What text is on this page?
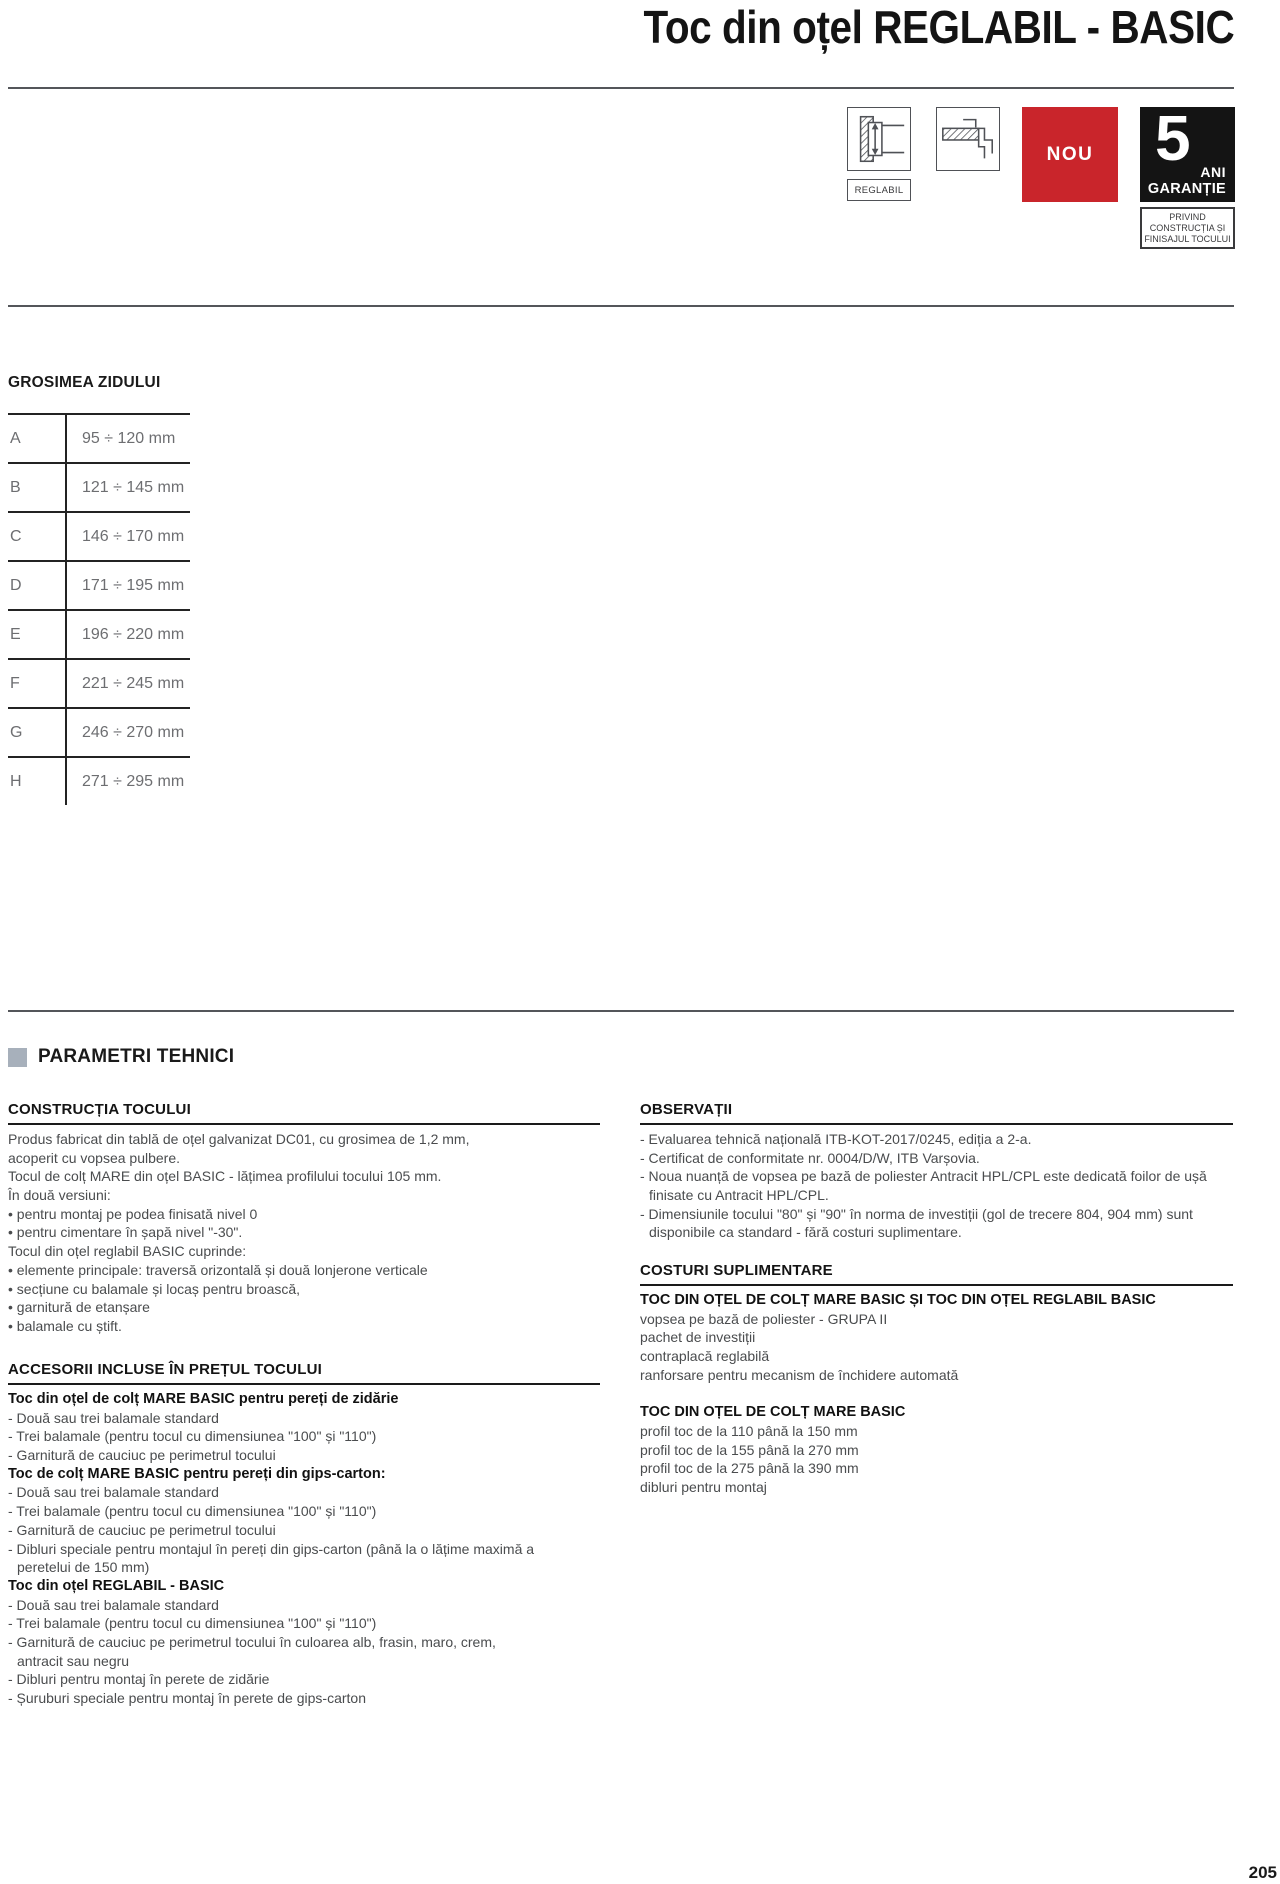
Toc din oțel REGLABIL - BASIC
REGLABIL
NOU 5 ANI
GARANȚIE
PRIVIND
CONSTRUCȚIA ȘI
FINISAJUL TOCULUI
GROSIMEA ZIDULUI
A	95 ÷ 120 mm
B	121 ÷ 145 mm
C	146 ÷ 170 mm
D	171 ÷ 195 mm
E	196 ÷ 220 mm
F	221 ÷ 245 mm
G	246 ÷ 270 mm
H	271 ÷ 295 mm
PARAMETRI TEHNICI
CONSTRUCȚIA TOCULUI
Produs fabricat din tablă de oțel galvanizat DC01, cu grosimea de 1,2 mm,
acoperit cu vopsea pulbere.
Tocul de colț MARE din oțel BASIC - lățimea profilului tocului 105 mm.
În două versiuni:
• pentru montaj pe podea finisată nivel 0
• pentru cimentare în șapă nivel "-30".
Tocul din oțel reglabil BASIC cuprinde:
• elemente principale: traversă orizontală și două lonjerone verticale
• secțiune cu balamale și locaș pentru broască,
• garnitură de etanșare
• balamale cu știft.
ACCESORII INCLUSE ÎN PREȚUL TOCULUI
Toc din oțel de colț MARE BASIC pentru pereți de zidărie
- Două sau trei balamale standard
- Trei balamale (pentru tocul cu dimensiunea "100" și "110")
- Garnitură de cauciuc pe perimetrul tocului
Toc de colț MARE BASIC pentru pereți din gips-carton:
- Două sau trei balamale standard
- Trei balamale (pentru tocul cu dimensiunea "100" și "110")
- Garnitură de cauciuc pe perimetrul tocului
- Dibluri speciale pentru montajul în pereți din gips-carton (până la o lățime maximă a
peretelui de 150 mm)
Toc din oțel REGLABIL - BASIC
- Două sau trei balamale standard
- Trei balamale (pentru tocul cu dimensiunea "100" și "110")
- Garnitură de cauciuc pe perimetrul tocului în culoarea alb, frasin, maro, crem,
antracit sau negru
- Dibluri pentru montaj în perete de zidărie
- Șuruburi speciale pentru montaj în perete de gips-carton
OBSERVAȚII
- Evaluarea tehnică națională ITB-KOT-2017/0245, ediția a 2-a.
- Certificat de conformitate nr. 0004/D/W, ITB Varșovia.
- Noua nuanță de vopsea pe bază de poliester Antracit HPL/CPL este dedicată foilor de ușă
finisate cu Antracit HPL/CPL.
- Dimensiunile tocului "80" și "90" în norma de investiții (gol de trecere 804, 904 mm) sunt
disponibile ca standard - fără costuri suplimentare.
COSTURI SUPLIMENTARE
TOC DIN OȚEL DE COLȚ MARE BASIC ȘI TOC DIN OȚEL REGLABIL BASIC
vopsea pe bază de poliester - GRUPA II
pachet de investiții
contraplacă reglabilă
ranforsare pentru mecanism de închidere automată
TOC DIN OȚEL DE COLȚ MARE BASIC
profil toc de la 110 până la 150 mm
profil toc de la 155 până la 270 mm
profil toc de la 275 până la 390 mm
dibluri pentru montaj
205
